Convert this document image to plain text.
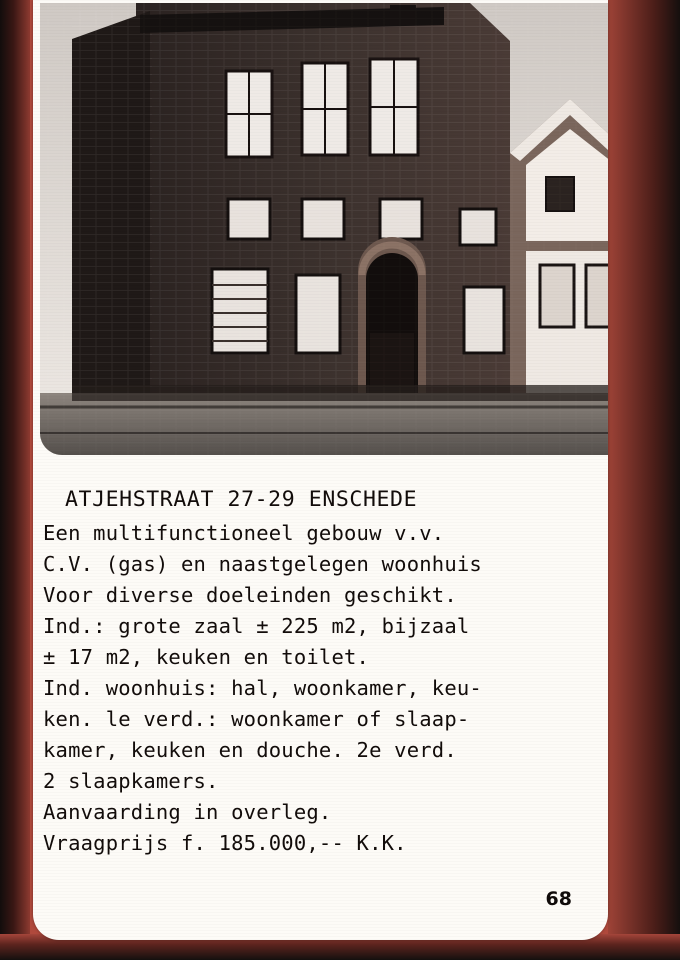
ATJEHSTRAAT 27-29 ENSCHEDE
Een multifunctioneel gebouw v.v.
C.V. (gas) en naastgelegen woonhuis
Voor diverse doeleinden geschikt.
Ind.: grote zaal ± 225 m2, bijzaal
± 17 m2, keuken en toilet.
Ind. woonhuis: hal, woonkamer, keu-
ken. le verd.: woonkamer of slaap-
kamer, keuken en douche. 2e verd.
2 slaapkamers.
Aanvaarding in overleg.
Vraagprijs f. 185.000,-- K.K.
68
